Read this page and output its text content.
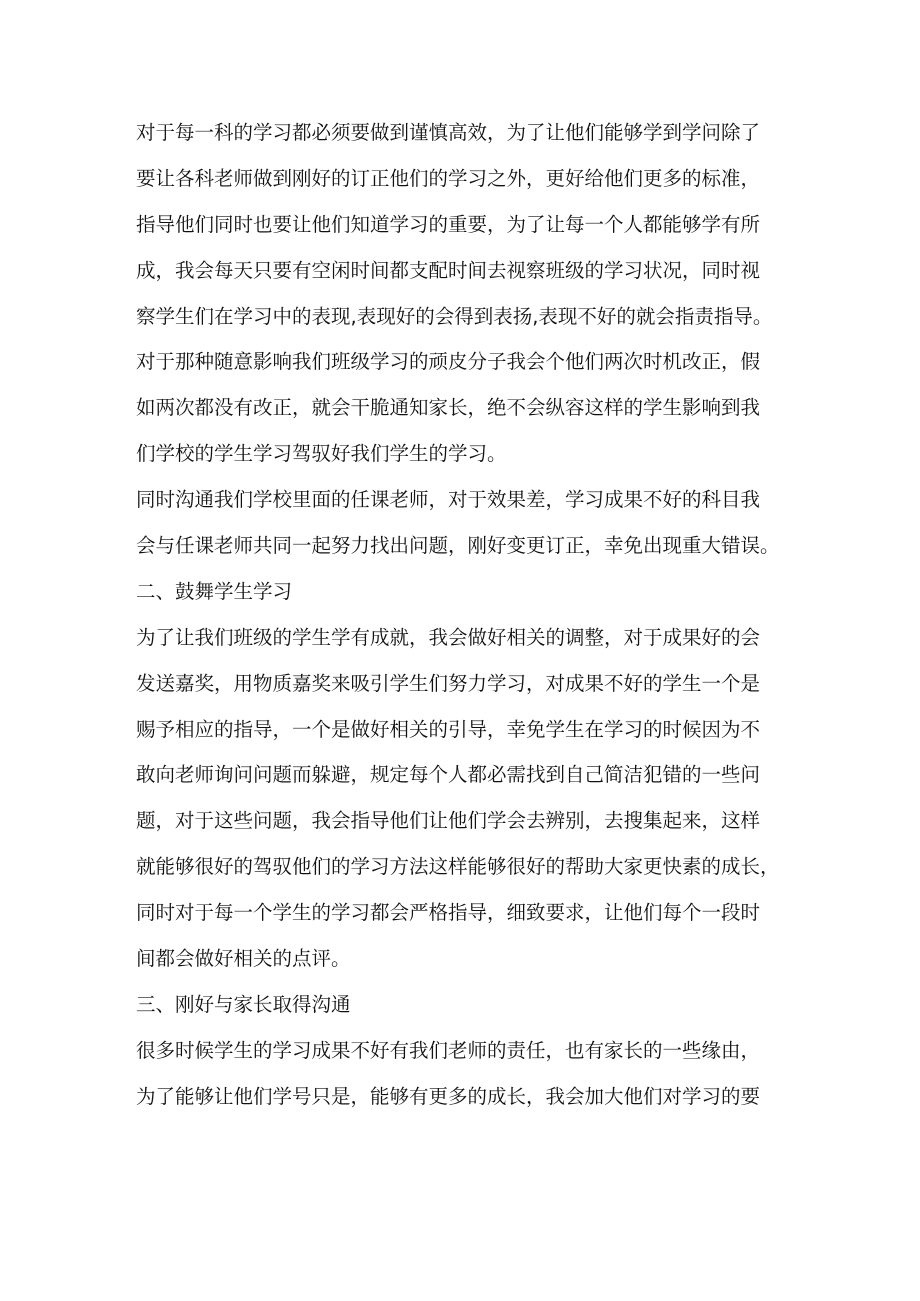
对于每一科的学习都必须要做到谨慎高效，为了让他们能够学到学问除了
要让各科老师做到刚好的订正他们的学习之外，更好给他们更多的标准，
指导他们同时也要让他们知道学习的重要，为了让每一个人都能够学有所
成，我会每天只要有空闲时间都支配时间去视察班级的学习状况，同时视
察学生们在学习中的表现,表现好的会得到表扬,表现不好的就会指责指导。
对于那种随意影响我们班级学习的顽皮分子我会个他们两次时机改正，假
如两次都没有改正，就会干脆通知家长，绝不会纵容这样的学生影响到我
们学校的学生学习驾驭好我们学生的学习。
同时沟通我们学校里面的任课老师，对于效果差，学习成果不好的科目我
会与任课老师共同一起努力找出问题，刚好变更订正，幸免出现重大错误。
二、鼓舞学生学习
为了让我们班级的学生学有成就，我会做好相关的调整，对于成果好的会
发送嘉奖，用物质嘉奖来吸引学生们努力学习，对成果不好的学生一个是
赐予相应的指导，一个是做好相关的引导，幸免学生在学习的时候因为不
敢向老师询问问题而躲避，规定每个人都必需找到自己简洁犯错的一些问
题，对于这些问题，我会指导他们让他们学会去辨别，去搜集起来，这样
就能够很好的驾驭他们的学习方法这样能够很好的帮助大家更快素的成长，
同时对于每一个学生的学习都会严格指导，细致要求，让他们每个一段时
间都会做好相关的点评。
三、刚好与家长取得沟通
很多时候学生的学习成果不好有我们老师的责任，也有家长的一些缘由，
为了能够让他们学号只是，能够有更多的成长，我会加大他们对学习的要
